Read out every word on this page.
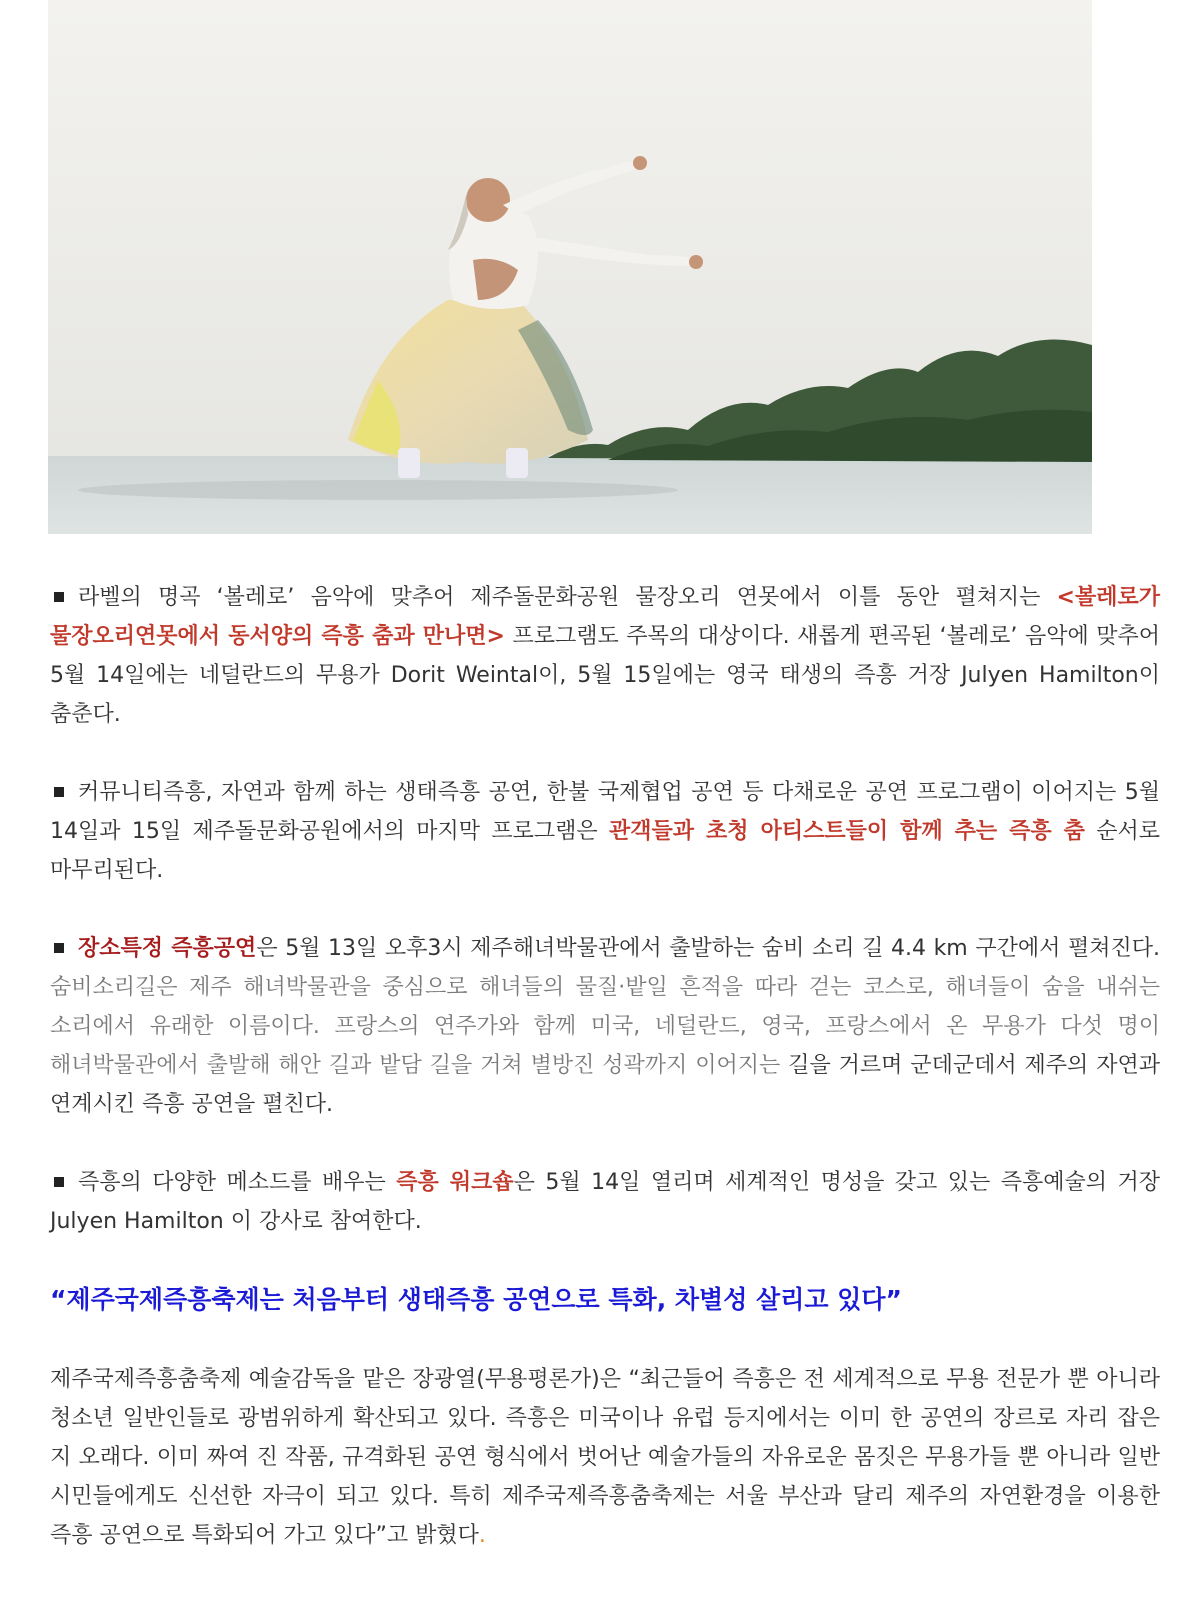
라벨의 명곡 ‘볼레로’ 음악에 맞추어 제주돌문화공원 물장오리 연못에서 이틀 동안 펼쳐지는 <볼레로가 물장오리연못에서 동서양의 즉흥 춤과 만나면> 프로그램도 주목의 대상이다. 새롭게 편곡된 ‘볼레로’ 음악에 맞추어 5월 14일에는 네덜란드의 무용가 Dorit Weintal이, 5월 15일에는 영국 태생의 즉흥 거장 Julyen Hamilton이 춤춘다.

커뮤니티즉흥, 자연과 함께 하는 생태즉흥 공연, 한불 국제협업 공연 등 다채로운 공연 프로그램이 이어지는 5월 14일과 15일 제주돌문화공원에서의 마지막 프로그램은 관객들과 초청 아티스트들이 함께 추는 즉흥 춤 순서로 마무리된다.

장소특정 즉흥공연은 5월 13일 오후3시 제주해녀박물관에서 출발하는 숨비 소리 길 4.4 km 구간에서 펼쳐진다. 숨비소리길은 제주 해녀박물관을 중심으로 해녀들의 물질·밭일 흔적을 따라 걷는 코스로, 해녀들이 숨을 내쉬는 소리에서 유래한 이름이다. 프랑스의 연주가와 함께 미국, 네덜란드, 영국, 프랑스에서 온 무용가 다섯 명이 해녀박물관에서 출발해 해안 길과 밭담 길을 거쳐 별방진 성곽까지 이어지는 길을 거르며 군데군데서 제주의 자연과 연계시킨 즉흥 공연을 펼친다.

즉흥의 다양한 메소드를 배우는 즉흥 워크숍은 5월 14일 열리며 세계적인 명성을 갖고 있는 즉흥예술의 거장 Julyen Hamilton 이 강사로 참여한다.

“제주국제즉흥축제는 처음부터 생태즉흥 공연으로 특화, 차별성 살리고 있다”

제주국제즉흥춤축제 예술감독을 맡은 장광열(무용평론가)은 “최근들어 즉흥은 전 세계적으로 무용 전문가 뿐 아니라 청소년 일반인들로 광범위하게 확산되고 있다. 즉흥은 미국이나 유럽 등지에서는 이미 한 공연의 장르로 자리 잡은 지 오래다. 이미 짜여 진 작품, 규격화된 공연 형식에서 벗어난 예술가들의 자유로운 몸짓은 무용가들 뿐 아니라 일반 시민들에게도 신선한 자극이 되고 있다. 특히 제주국제즉흥춤축제는 서울 부산과 달리 제주의 자연환경을 이용한 즉흥 공연으로 특화되어 가고 있다”고 밝혔다.
